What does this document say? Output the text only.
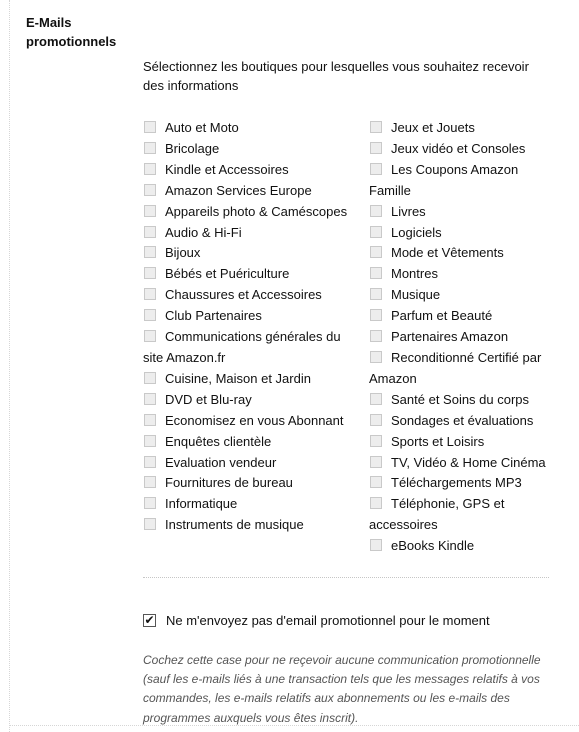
E-Mails promotionnels
Sélectionnez les boutiques pour lesquelles vous souhaitez recevoir des informations
Auto et Moto
Bricolage
Kindle et Accessoires
Amazon Services Europe
Appareils photo & Caméscopes
Audio & Hi-Fi
Bijoux
Bébés et Puériculture
Chaussures et Accessoires
Club Partenaires
Communications générales du site Amazon.fr
Cuisine, Maison et Jardin
DVD et Blu-ray
Economisez en vous Abonnant
Enquêtes clientèle
Evaluation vendeur
Fournitures de bureau
Informatique
Instruments de musique
Jeux et Jouets
Jeux vidéo et Consoles
Les Coupons Amazon Famille
Livres
Logiciels
Mode et Vêtements
Montres
Musique
Parfum et Beauté
Partenaires Amazon
Reconditionné Certifié par Amazon
Santé et Soins du corps
Sondages et évaluations
Sports et Loisirs
TV, Vidéo & Home Cinéma
Téléchargements MP3
Téléphonie, GPS et accessoires
eBooks Kindle
✔ Ne m'envoyez pas d'email promotionnel pour le moment
Cochez cette case pour ne reçevoir aucune communication promotionnelle (sauf les e-mails liés à une transaction tels que les messages relatifs à vos commandes, les e-mails relatifs aux abonnements ou les e-mails des programmes auxquels vous êtes inscrit).
